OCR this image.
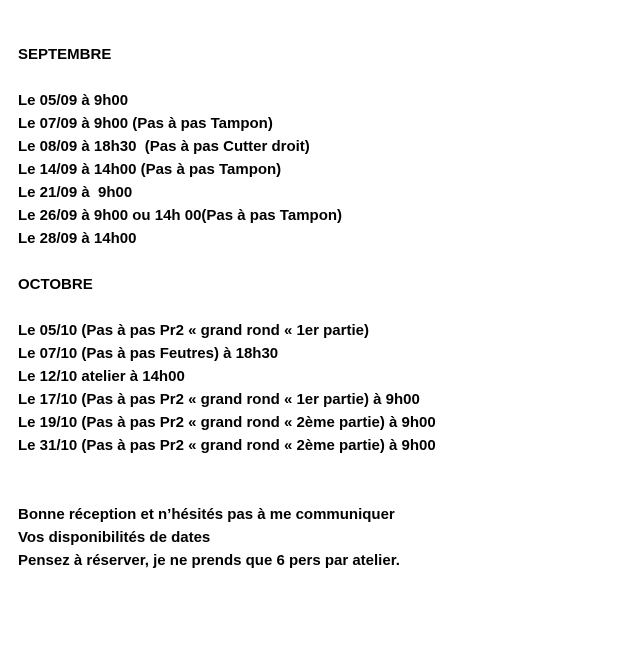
SEPTEMBRE
Le 05/09 à 9h00
Le 07/09 à 9h00 (Pas à pas Tampon)
Le 08/09 à 18h30  (Pas à pas Cutter droit)
Le 14/09 à 14h00 (Pas à pas Tampon)
Le 21/09 à  9h00
Le 26/09 à 9h00 ou 14h 00(Pas à pas Tampon)
Le 28/09 à 14h00
OCTOBRE
Le 05/10 (Pas à pas Pr2 « grand rond « 1er partie)
Le 07/10 (Pas à pas Feutres) à 18h30
Le 12/10 atelier à 14h00
Le 17/10 (Pas à pas Pr2 « grand rond « 1er partie) à 9h00
Le 19/10 (Pas à pas Pr2 « grand rond « 2ème partie) à 9h00
Le 31/10 (Pas à pas Pr2 « grand rond « 2ème partie) à 9h00
Bonne réception et n’hésités pas à me communiquer
Vos disponibilités de dates
Pensez à réserver, je ne prends que 6 pers par atelier.
